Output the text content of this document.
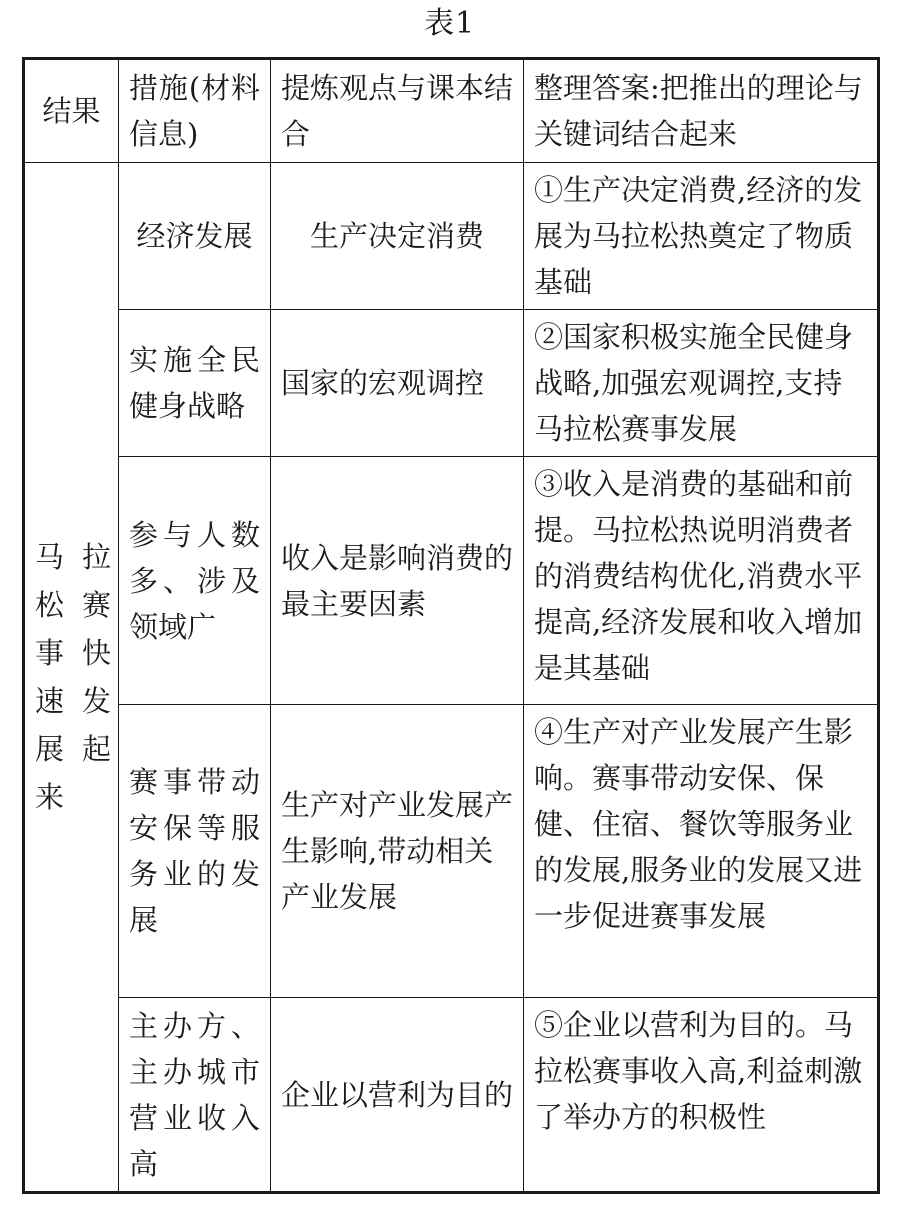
表1
结果	措施(材料信息)	提炼观点与课本结合	整理答案:把推出的理论与关键词结合起来
马拉松赛事快速发展起来	经济发展	生产决定消费	①生产决定消费,经济的发展为马拉松热奠定了物质基础
	实施全民健身战略	国家的宏观调控	②国家积极实施全民健身战略,加强宏观调控,支持马拉松赛事发展
	参与人数多、涉及领域广	收入是影响消费的最主要因素	③收入是消费的基础和前提。马拉松热说明消费者的消费结构优化,消费水平提高,经济发展和收入增加是其基础
	赛事带动安保等服务业的发展	生产对产业发展产生影响,带动相关产业发展	④生产对产业发展产生影响。赛事带动安保、保健、住宿、餐饮等服务业的发展,服务业的发展又进一步促进赛事发展
	主办方、主办城市营业收入高	企业以营利为目的	⑤企业以营利为目的。马拉松赛事收入高,利益刺激了举办方的积极性
